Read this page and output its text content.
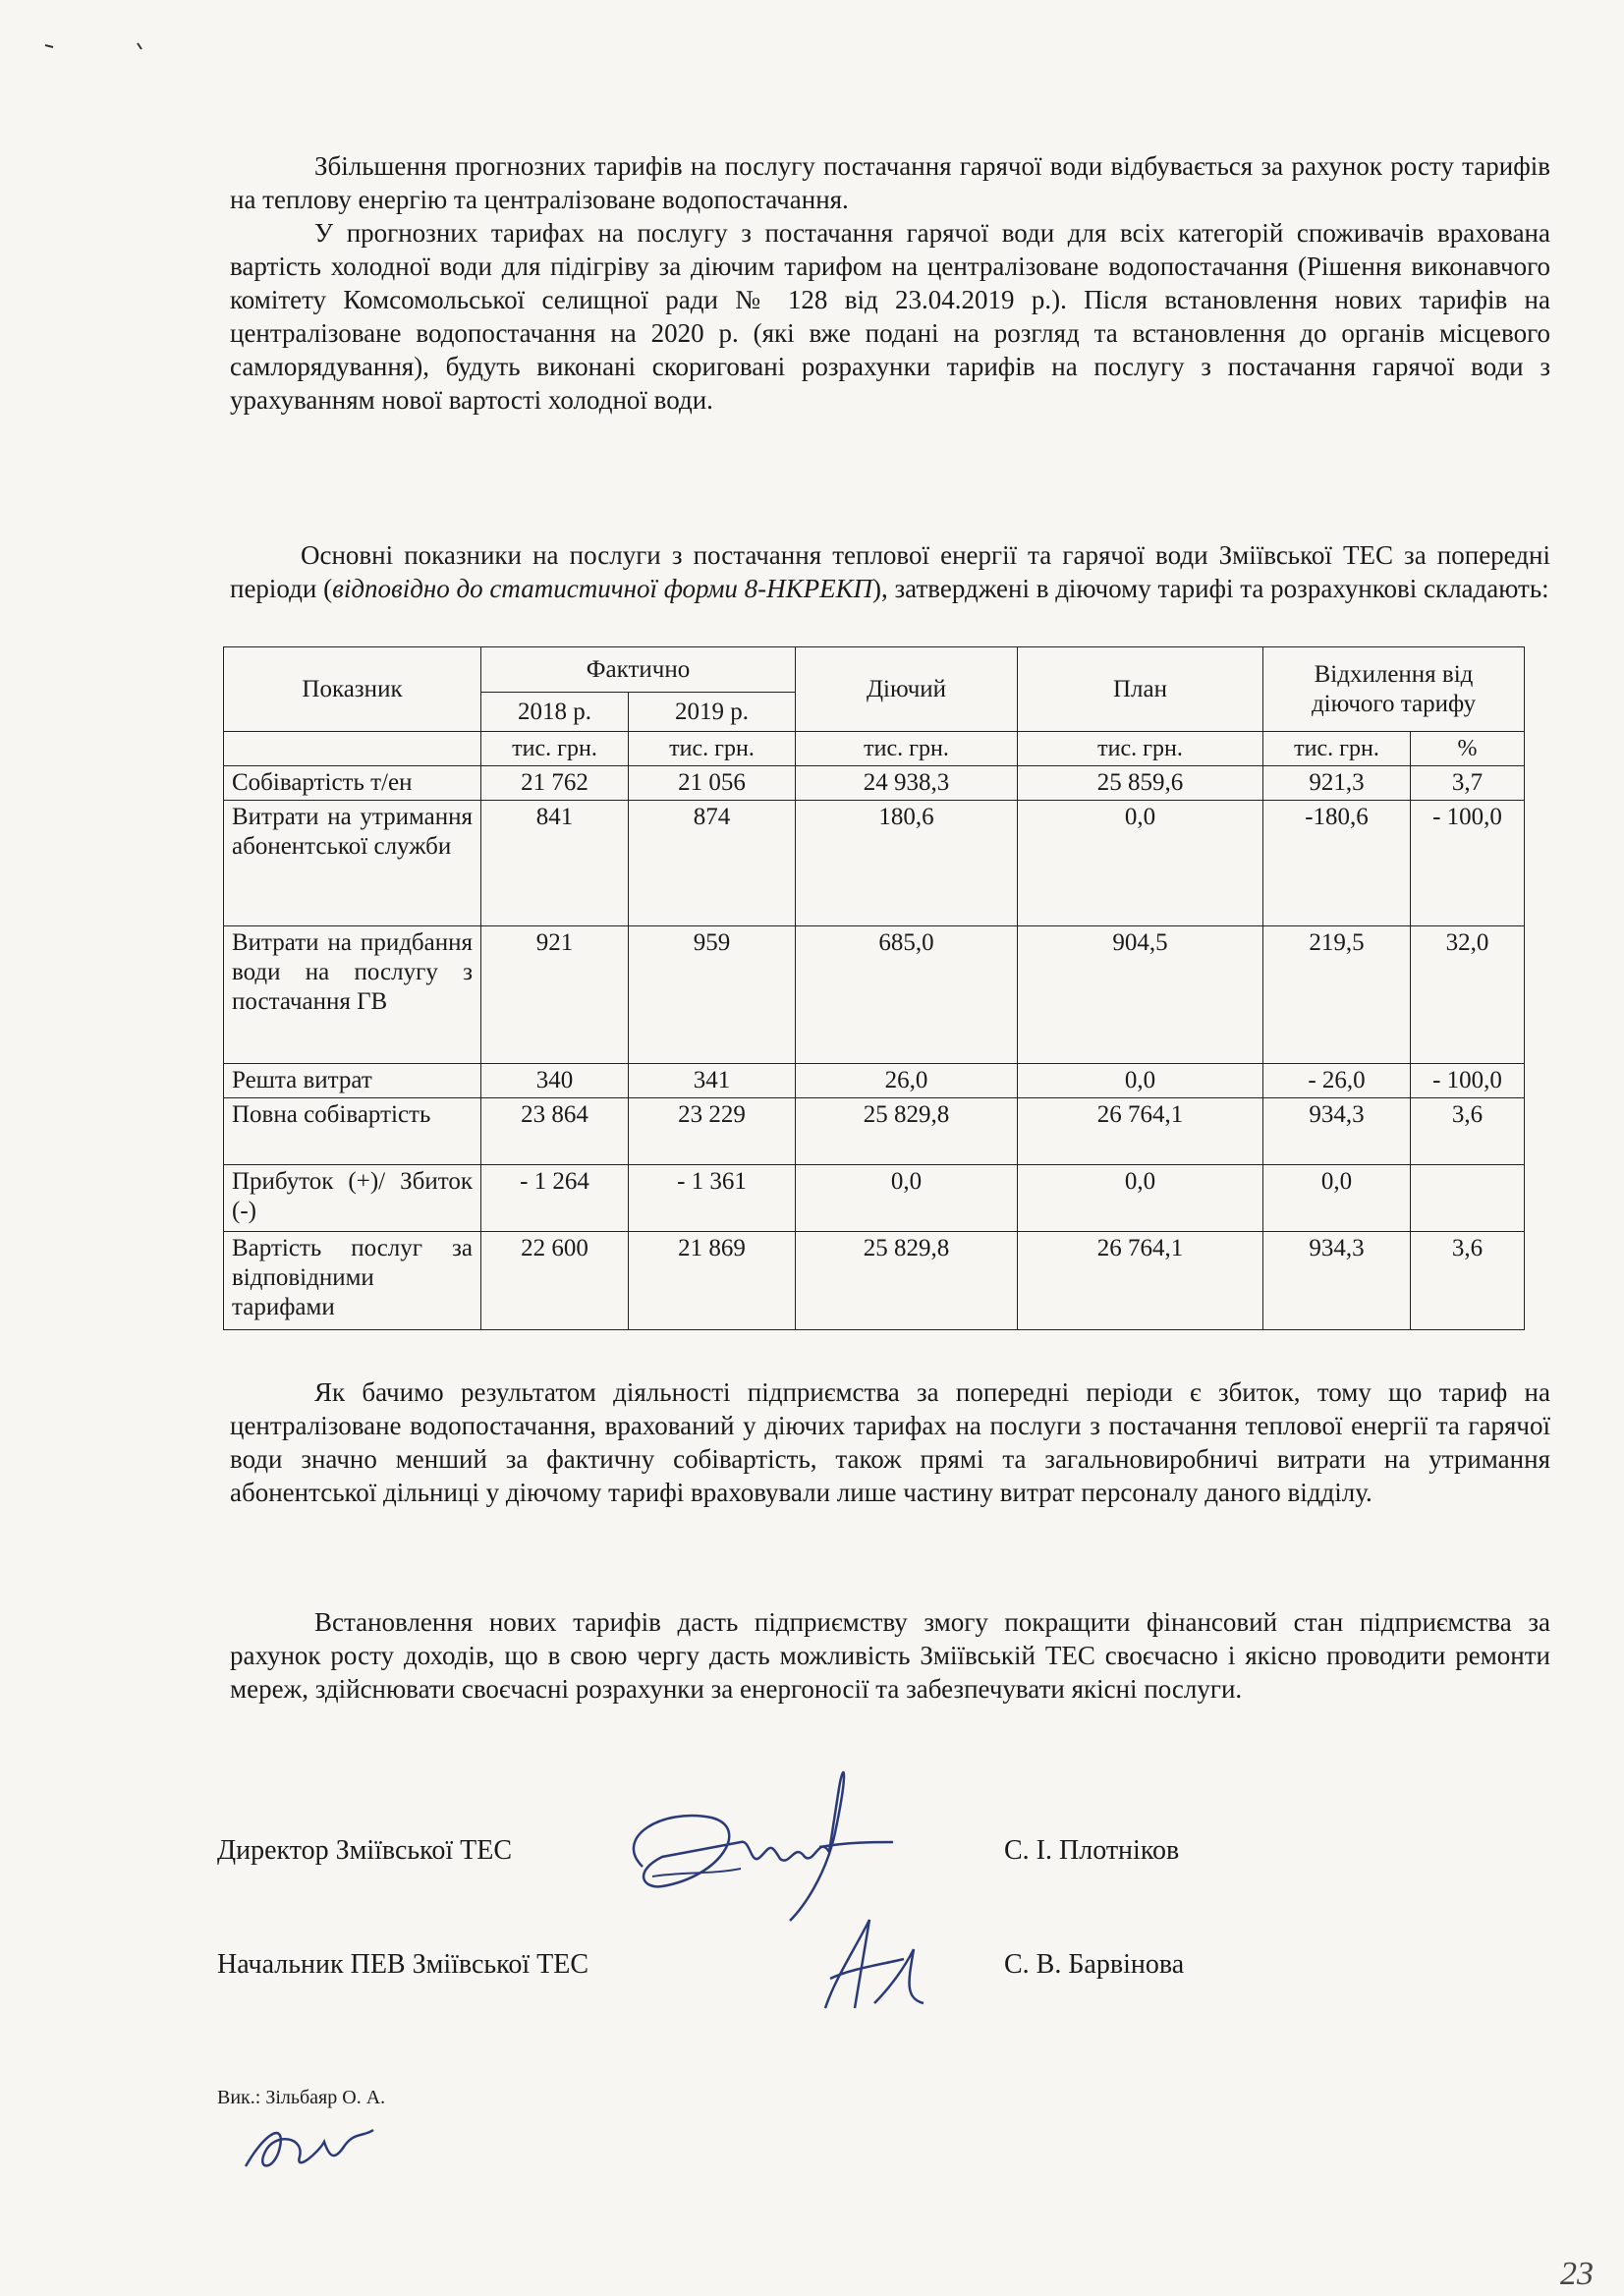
Збільшення прогнозних тарифів на послугу постачання гарячої води відбувається за рахунок росту тарифів на теплову енергію та централізоване водопостачання.

У прогнозних тарифах на послугу з постачання гарячої води для всіх категорій споживачів врахована вартість холодної води для підігріву за діючим тарифом на централізоване водопостачання (Рішення виконавчого комітету Комсомольської селищної ради № 128 від 23.04.2019 р.). Після встановлення нових тарифів на централізоване водопостачання на 2020 р. (які вже подані на розгляд та встановлення до органів місцевого самлорядування), будуть виконані скориговані розрахунки тарифів на послугу з постачання гарячої води з урахуванням нової вартості холодної води.

Основні показники на послуги з постачання теплової енергії та гарячої води Зміївської ТЕС за попередні періоди (відповідно до статистичної форми 8-НКРЕКП), затверджені в діючому тарифі та розрахункові складають:

Показник	Фактично		Діючий	План	Відхилення від діючого тарифу	
	2018 р.	2019 р.				
	тис. грн.	тис. грн.	тис. грн.	тис. грн.	тис. грн.	%
Собівартість т/ен	21 762	21 056	24 938,3	25 859,6	921,3	3,7
Витрати на утримання абонентської служби	841	874	180,6	0,0	-180,6	- 100,0
Витрати на придбання води на послугу з постачання ГВ	921	959	685,0	904,5	219,5	32,0
Решта витрат	340	341	26,0	0,0	- 26,0	- 100,0
Повна собівартість	23 864	23 229	25 829,8	26 764,1	934,3	3,6
Прибуток (+)/ Збиток (-)	- 1 264	- 1 361	0,0	0,0	0,0	
Вартість послуг за відповідними тарифами	22 600	21 869	25 829,8	26 764,1	934,3	3,6

Як бачимо результатом діяльності підприємства за попередні періоди є збиток, тому що тариф на централізоване водопостачання, врахований у діючих тарифах на послуги з постачання теплової енергії та гарячої води значно менший за фактичну собівартість, також прямі та загальновиробничі витрати на утримання абонентської дільниці у діючому тарифі враховували лише частину витрат персоналу даного відділу.

Встановлення нових тарифів дасть підприємству змогу покращити фінансовий стан підприємства за рахунок росту доходів, що в свою чергу дасть можливість Зміївській ТЕС своєчасно і якісно проводити ремонти мереж, здійснювати своєчасні розрахунки за енергоносії та забезпечувати якісні послуги.

Директор Зміївської ТЕС	С. І. Плотніков
Начальник ПЕВ Зміївської ТЕС	С. В. Барвінова
Вик.: Зільбаяр О. А.
23
